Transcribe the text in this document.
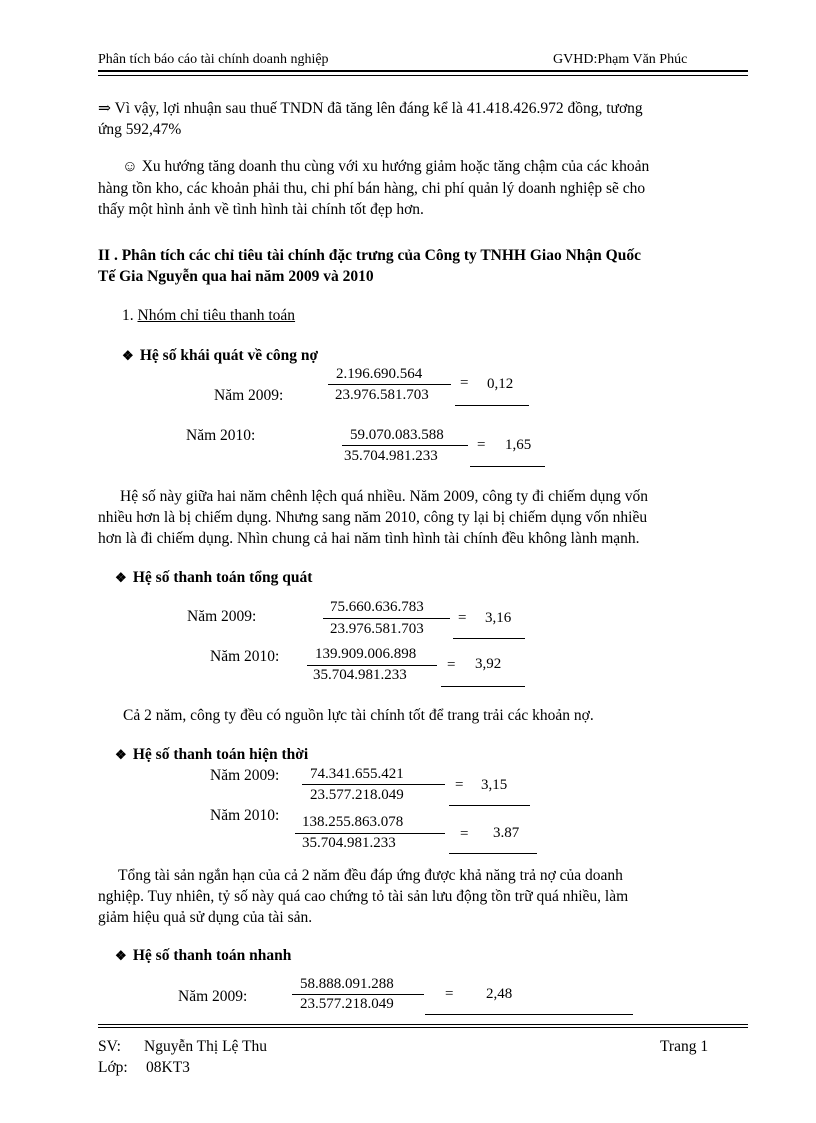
Phân tích báo cáo tài chính doanh nghiệp	GVHD:Phạm Văn Phúc
⇒ Vì vậy, lợi nhuận sau thuế TNDN đã tăng lên đáng kể là 41.418.426.972 đồng, tương
ứng 592,47%
☺ Xu hướng tăng doanh thu cùng với xu hướng giảm hoặc tăng chậm của các khoản
hàng tồn kho, các khoản phải thu, chi phí bán hàng, chi phí quản lý doanh nghiệp sẽ cho
thấy một hình ảnh về tình hình tài chính tốt đẹp hơn.
II . Phân tích các chỉ tiêu tài chính đặc trưng của Công ty TNHH Giao Nhận Quốc
Tế Gia Nguyễn qua hai năm 2009 và 2010
1. Nhóm chỉ tiêu thanh toán
❖ Hệ số khái quát về công nợ
2.196.690.564
23.976.581.703
Năm 2009:
= 0,12
Năm 2010:	59.070.083.588
35.704.981.233
= 1,65
Hệ số này giữa hai năm chênh lệch quá nhiều. Năm 2009, công ty đi chiếm dụng vốn
nhiều hơn là bị chiếm dụng. Nhưng sang năm 2010, công ty lại bị chiếm dụng vốn nhiều
hơn là đi chiếm dụng. Nhìn chung cả hai năm tình hình tài chính đều không lành mạnh.
❖ Hệ số thanh toán tổng quát
Năm 2009:
75.660.636.783
23.976.581.703
= 3,16
Năm 2010: 139.909.006.898
35.704.981.233
= 3,92
Cả 2 năm, công ty đều có nguồn lực tài chính tốt để trang trải các khoản nợ.
❖ Hệ số thanh toán hiện thời
Năm 2009: 74.341.655.421
23.577.218.049
= 3,15
Năm 2010: 138.255.863.078
35.704.981.233
= 3.87
Tổng tài sản ngắn hạn của cả 2 năm đều đáp ứng được khả năng trả nợ của doanh
nghiệp. Tuy nhiên, tỷ số này quá cao chứng tỏ tài sản lưu động tồn trữ quá nhiều, làm
giảm hiệu quả sử dụng của tài sản.
❖ Hệ số thanh toán nhanh
Năm 2009:
58.888.091.288
23.577.218.049
= 2,48
SV: Nguyễn Thị Lệ Thu	Trang 1
Lớp: 08KT3
